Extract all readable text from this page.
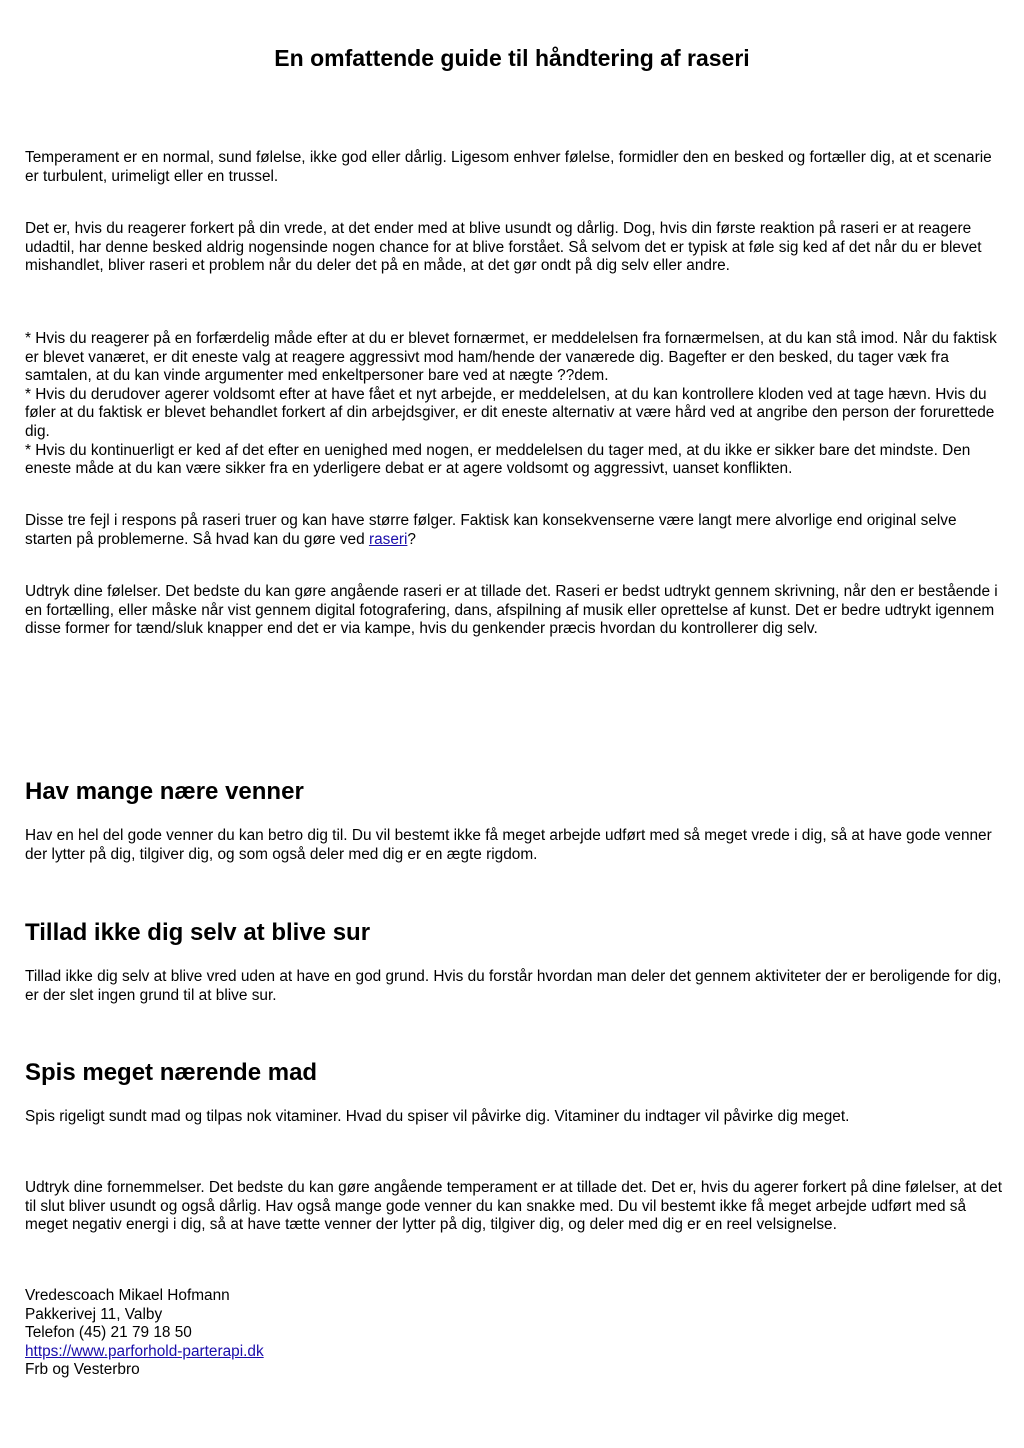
En omfattende guide til håndtering af raseri

Temperament er en normal, sund følelse, ikke god eller dårlig. Ligesom enhver følelse, formidler den en besked og fortæller dig, at et scenarie er turbulent, urimeligt eller en trussel.

Det er, hvis du reagerer forkert på din vrede, at det ender med at blive usundt og dårlig. Dog, hvis din første reaktion på raseri er at reagere udadtil, har denne besked aldrig nogensinde nogen chance for at blive forstået. Så selvom det er typisk at føle sig ked af det når du er blevet mishandlet, bliver raseri et problem når du deler det på en måde, at det gør ondt på dig selv eller andre.

* Hvis du reagerer på en forfærdelig måde efter at du er blevet fornærmet, er meddelelsen fra fornærmelsen, at du kan stå imod. Når du faktisk er blevet vanæret, er dit eneste valg at reagere aggressivt mod ham/hende der vanærede dig. Bagefter er den besked, du tager væk fra samtalen, at du kan vinde argumenter med enkeltpersoner bare ved at nægte ??dem.
* Hvis du derudover agerer voldsomt efter at have fået et nyt arbejde, er meddelelsen, at du kan kontrollere kloden ved at tage hævn. Hvis du føler at du faktisk er blevet behandlet forkert af din arbejdsgiver, er dit eneste alternativ at være hård ved at angribe den person der forurettede dig.
* Hvis du kontinuerligt er ked af det efter en uenighed med nogen, er meddelelsen du tager med, at du ikke er sikker bare det mindste. Den eneste måde at du kan være sikker fra en yderligere debat er at agere voldsomt og aggressivt, uanset konflikten.

Disse tre fejl i respons på raseri truer og kan have større følger. Faktisk kan konsekvenserne være langt mere alvorlige end original selve starten på problemerne. Så hvad kan du gøre ved raseri?

Udtryk dine følelser. Det bedste du kan gøre angående raseri er at tillade det. Raseri er bedst udtrykt gennem skrivning, når den er bestående i en fortælling, eller måske når vist gennem digital fotografering, dans, afspilning af musik eller oprettelse af kunst. Det er bedre udtrykt igennem disse former for tænd/sluk knapper end det er via kampe, hvis du genkender præcis hvordan du kontrollerer dig selv.

Hav mange nære venner

Hav en hel del gode venner du kan betro dig til. Du vil bestemt ikke få meget arbejde udført med så meget vrede i dig, så at have gode venner der lytter på dig, tilgiver dig, og som også deler med dig er en ægte rigdom.

Tillad ikke dig selv at blive sur

Tillad ikke dig selv at blive vred uden at have en god grund. Hvis du forstår hvordan man deler det gennem aktiviteter der er beroligende for dig, er der slet ingen grund til at blive sur.

Spis meget nærende mad

Spis rigeligt sundt mad og tilpas nok vitaminer. Hvad du spiser vil påvirke dig. Vitaminer du indtager vil påvirke dig meget.

Udtryk dine fornemmelser. Det bedste du kan gøre angående temperament er at tillade det. Det er, hvis du agerer forkert på dine følelser, at det til slut bliver usundt og også dårlig. Hav også mange gode venner du kan snakke med. Du vil bestemt ikke få meget arbejde udført med så meget negativ energi i dig, så at have tætte venner der lytter på dig, tilgiver dig, og deler med dig er en reel velsignelse.

Vredescoach Mikael Hofmann
Pakkerivej 11, Valby
Telefon (45) 21 79 18 50
https://www.parforhold-parterapi.dk
Frb og Vesterbro
